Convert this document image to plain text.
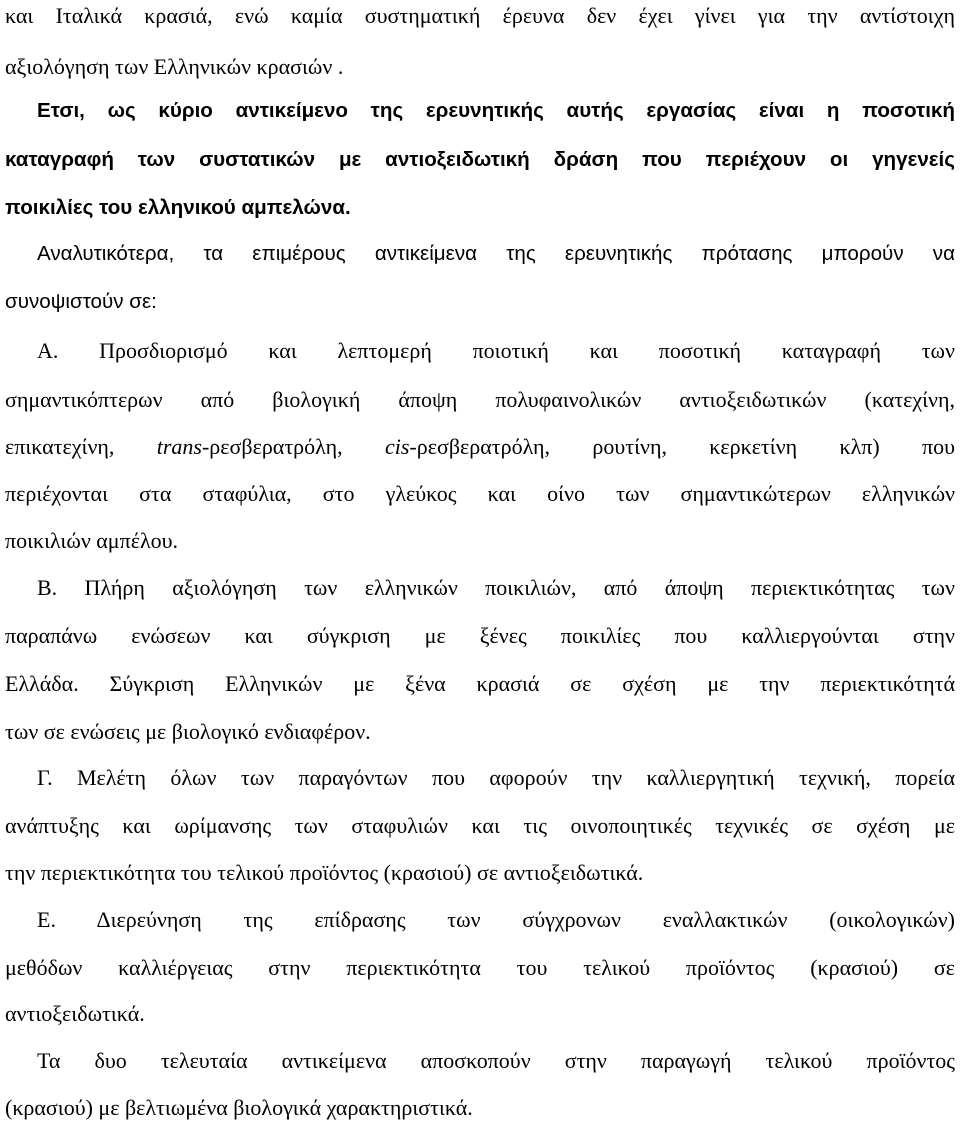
και Ιταλικά κρασιά, ενώ καμία συστηματική έρευνα δεν έχει γίνει για την αντίστοιχη
αξιολόγηση των Ελληνικών κρασιών .
Ετσι, ως κύριο αντικείμενο της ερευνητικής αυτής εργασίας είναι η ποσοτική
καταγραφή των συστατικών με αντιοξειδωτική δράση που περιέχουν οι γηγενείς
ποικιλίες του ελληνικού αμπελώνα.
Αναλυτικότερα, τα επιμέρους αντικείμενα της ερευνητικής πρότασης μπορούν να
συνοψιστούν σε:
Α. Προσδιορισμό και λεπτομερή ποιοτική και ποσοτική καταγραφή των
σημαντικόπτερων από βιολογική άποψη πολυφαινολικών αντιοξειδωτικών (κατεχίνη,
επικατεχίνη, trans-ρεσβερατρόλη, cis-ρεσβερατρόλη, ρουτίνη, κερκετίνη κλπ) που
περιέχονται στα σταφύλια, στο γλεύκος και οίνο των σημαντικώτερων ελληνικών
ποικιλιών αμπέλου.
Β. Πλήρη αξιολόγηση των ελληνικών ποικιλιών, από άποψη περιεκτικότητας των
παραπάνω ενώσεων και σύγκριση με ξένες ποικιλίες που καλλιεργούνται στην
Ελλάδα. Σύγκριση Ελληνικών με ξένα κρασιά σε σχέση με την περιεκτικότητά
των σε ενώσεις με βιολογικό ενδιαφέρον.
Γ. Μελέτη όλων των παραγόντων που αφορούν την καλλιεργητική τεχνική, πορεία
ανάπτυξης και ωρίμανσης των σταφυλιών και τις οινοποιητικές τεχνικές σε σχέση με
την περιεκτικότητα του τελικού προϊόντος (κρασιού) σε αντιοξειδωτικά.
Ε. Διερεύνηση της επίδρασης των σύγχρονων εναλλακτικών (οικολογικών)
μεθόδων καλλιέργειας στην περιεκτικότητα του τελικού προϊόντος (κρασιού) σε
αντιοξειδωτικά.
Τα δυο τελευταία αντικείμενα αποσκοπούν στην παραγωγή τελικού προϊόντος
(κρασιού) με βελτιωμένα βιολογικά χαρακτηριστικά.
